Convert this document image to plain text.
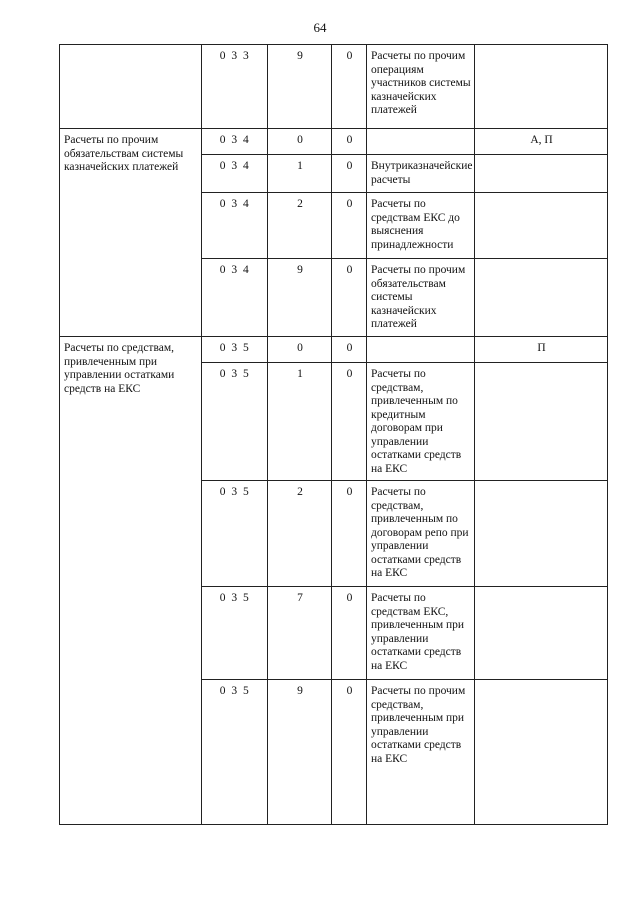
64
	0 3 3	9	0	Расчеты по прочим операциям участников системы казначейских платежей	
Расчеты по прочим обязательствам системы казначейских платежей	0 3 4	0	0		А, П
	0 3 4	1	0	Внутриказначейские расчеты	
	0 3 4	2	0	Расчеты по средствам ЕКС до выяснения принадлежности	
	0 3 4	9	0	Расчеты по прочим обязательствам системы казначейских платежей	
Расчеты по средствам, привлеченным при управлении остатками средств на ЕКС	0 3 5	0	0		П
	0 3 5	1	0	Расчеты по средствам, привлеченным по кредитным договорам при управлении остатками средств на ЕКС	
	0 3 5	2	0	Расчеты по средствам, привлеченным по договорам репо при управлении остатками средств на ЕКС	
	0 3 5	7	0	Расчеты по средствам ЕКС, привлеченным при управлении остатками средств на ЕКС	
	0 3 5	9	0	Расчеты по прочим средствам, привлеченным при управлении остатками средств на ЕКС	
